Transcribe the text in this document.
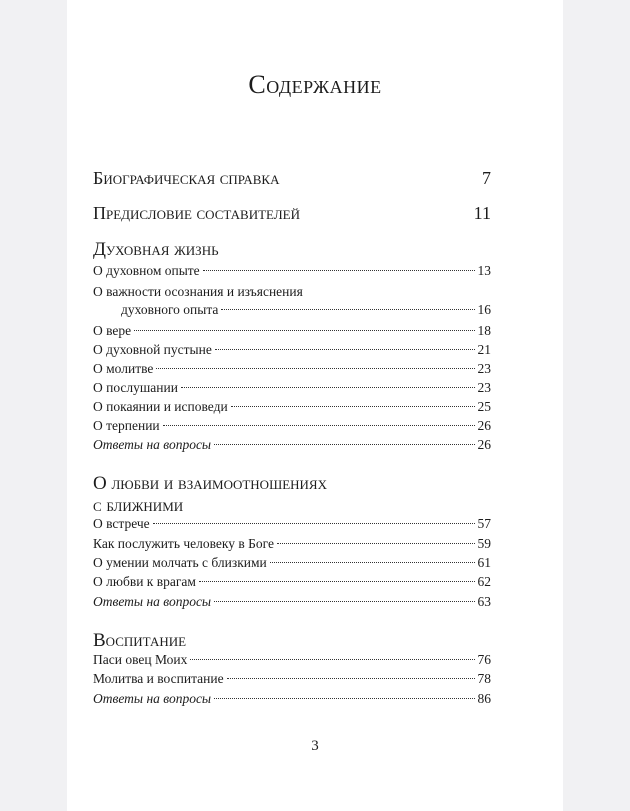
Содержание
Биографическая справка	7
Предисловие составителей	11
Духовная жизнь
О духовном опыте	13
О важности осознания и изъяснения
духовного опыта	16
О вере	18
О духовной пустыне	21
О молитве	23
О послушании	23
О покаянии и исповеди	25
О терпении	26
Ответы на вопросы	26
О любви и взаимоотношениях
с ближними
О встрече	57
Как послужить человеку в Боге	59
О умении молчать с близкими	61
О любви к врагам	62
Ответы на вопросы	63
Воспитание
Паси овец Моих	76
Молитва и воспитание	78
Ответы на вопросы	86
3
